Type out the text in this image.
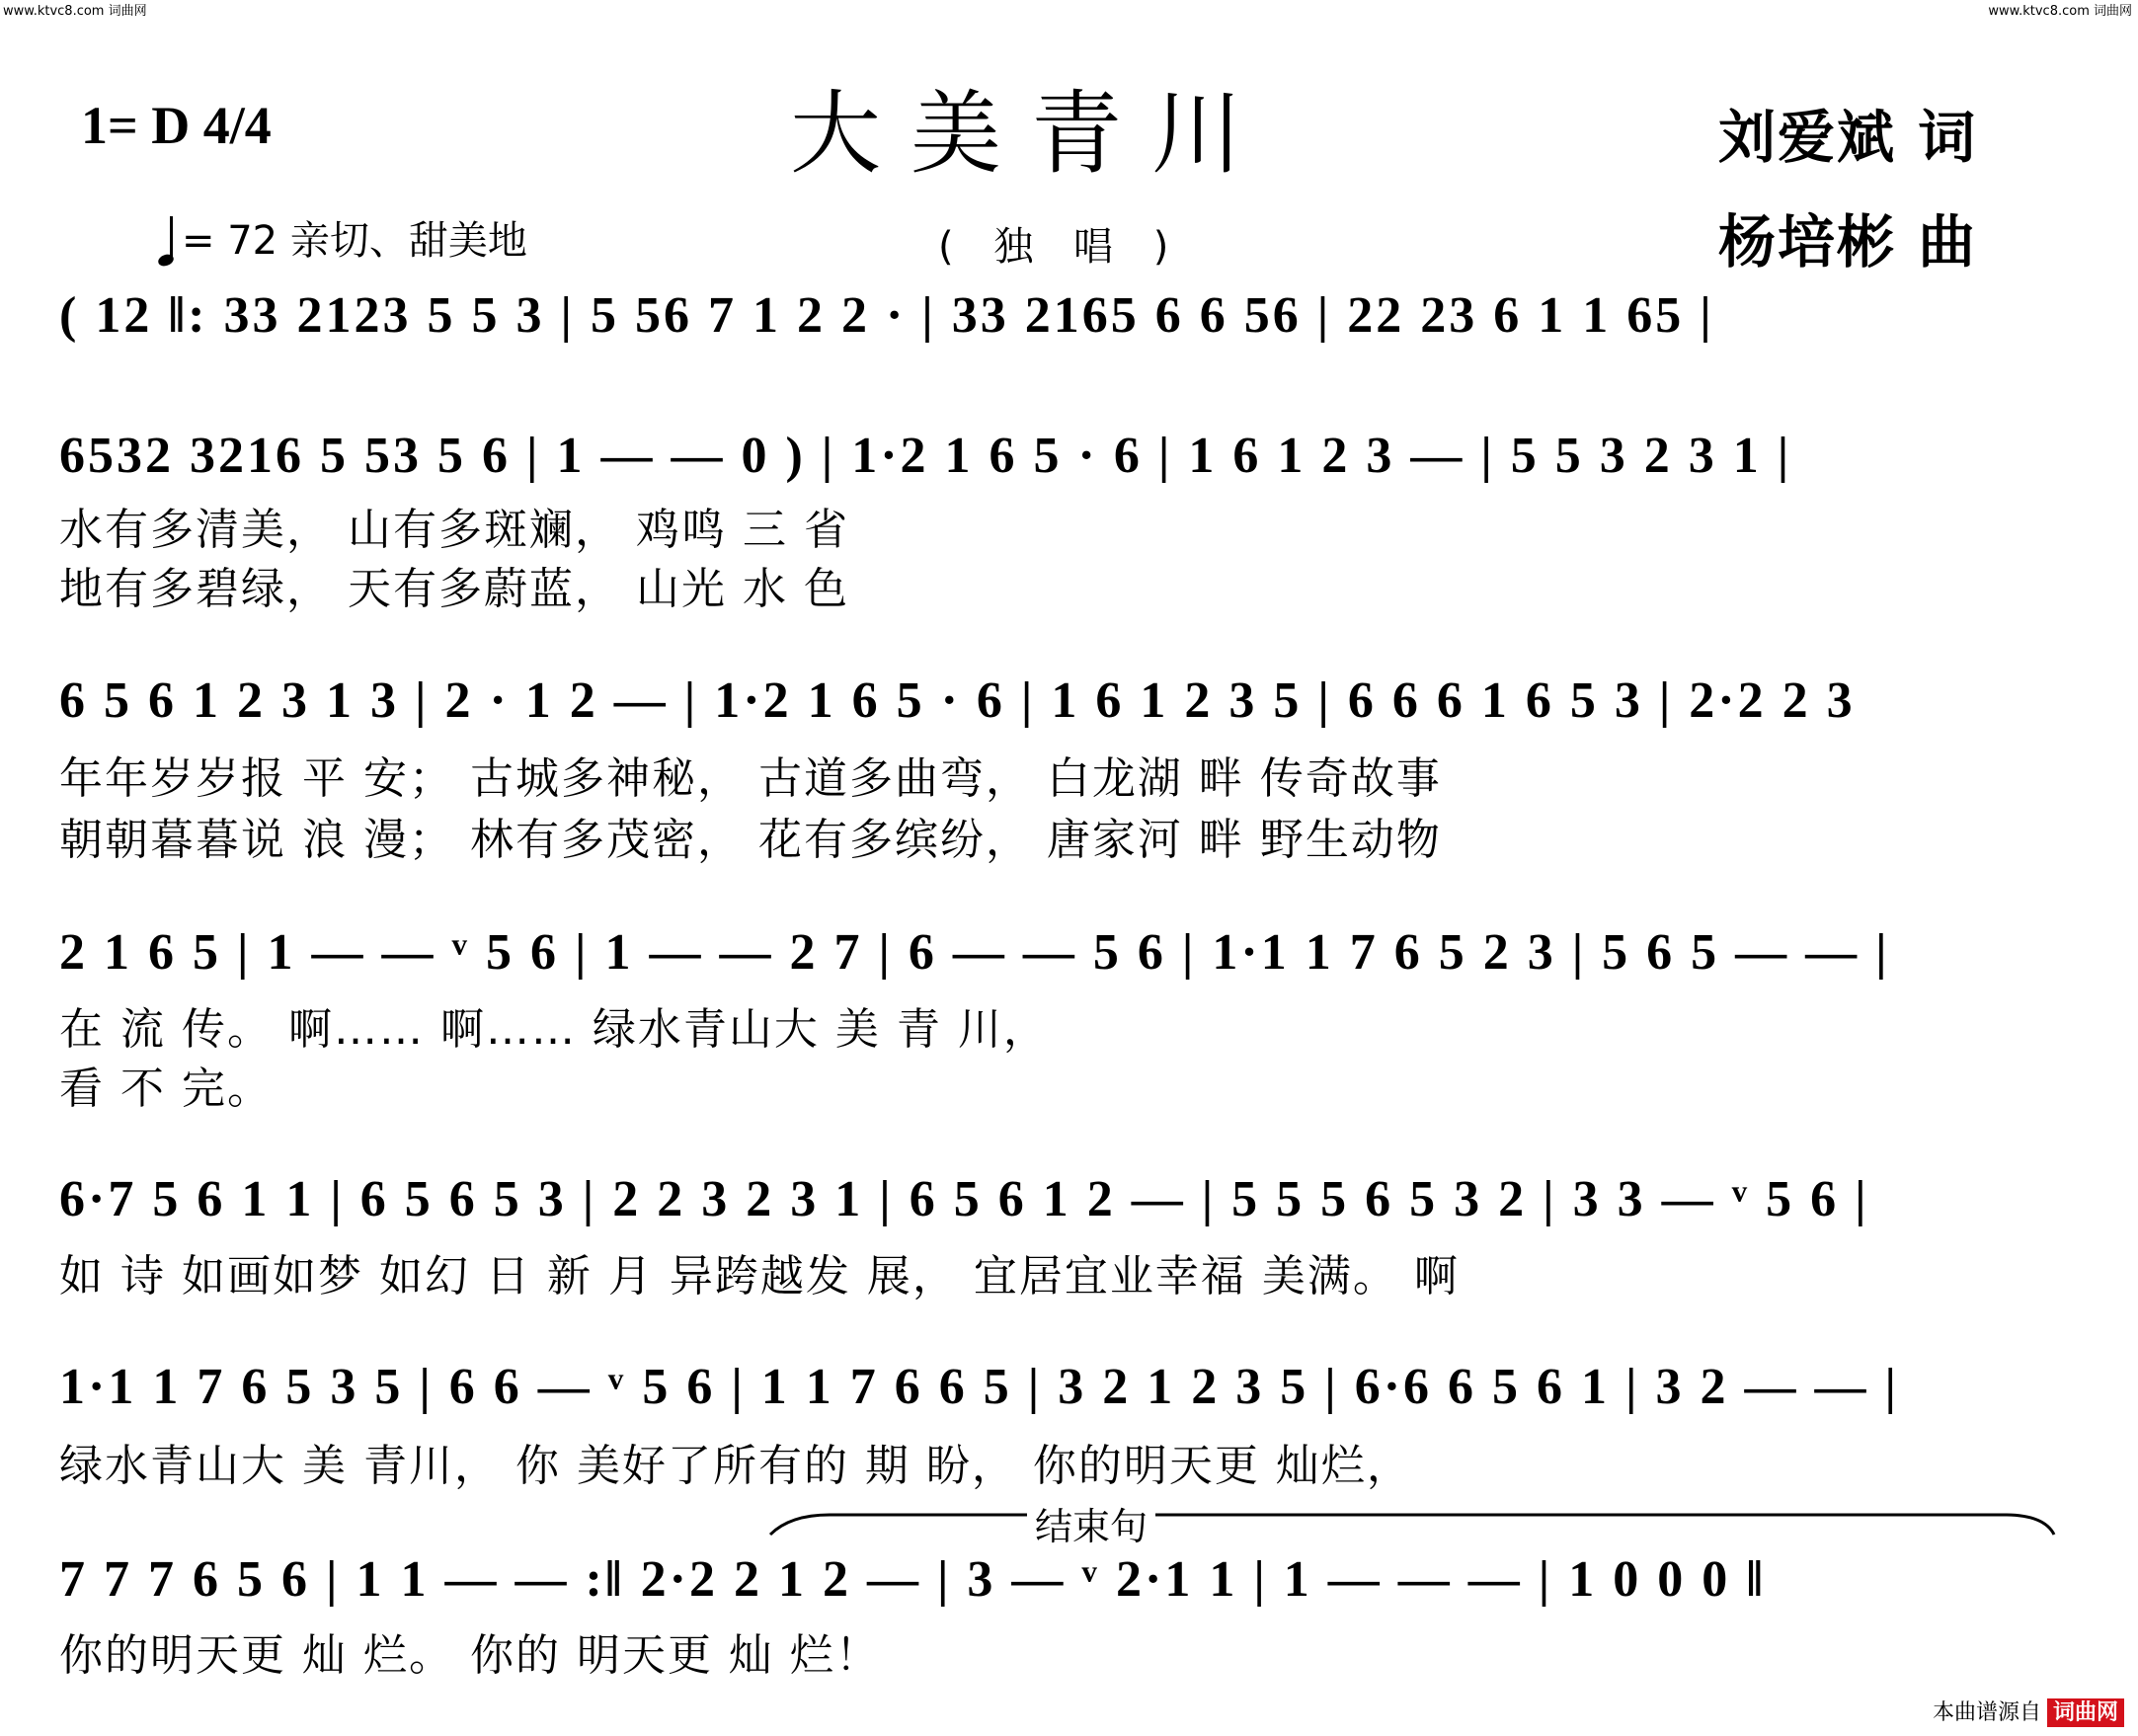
www.ktvc8.com 词曲网	www.ktvc8.com 词曲网
1= D 4/4	大美青川	刘爱斌 词
杨培彬 曲
= 72 亲切、甜美地	( 独 唱 )
( 12 ‖: 33 2123 5 5 3 | 5 56 7 1 2 2 · | 33 2165 6 6 56 | 22 23 6 1 1 65 |
6532 3216 5 53 5 6 | 1 — — 0 ) | 1·2 1 6 5 · 6 | 1 6 1 2 3 — | 5 5 3 2 3 1 |
水有多清美， 山有多斑斓， 鸡鸣 三 省
地有多碧绿， 天有多蔚蓝， 山光 水 色
6 5 6 1 2 3 1 3 | 2 · 1 2 — | 1·2 1 6 5 · 6 | 1 6 1 2 3 5 | 6 6 6 1 6 5 3 | 2·2 2 3
年年岁岁报 平 安； 古城多神秘， 古道多曲弯， 白龙湖 畔 传奇故事
朝朝暮暮说 浪 漫； 林有多茂密， 花有多缤纷， 唐家河 畔 野生动物
2 1 6 5 | 1 — — ᵛ 5 6 | 1 — — 2 7 | 6 — — 5 6 | 1·1 1 7 6 5 2 3 | 5 6 5 — — |
在 流 传。 啊…… 啊…… 绿水青山大 美 青 川，
看 不 完。
6·7 5 6 1 1 | 6 5 6 5 3 | 2 2 3 2 3 1 | 6 5 6 1 2 — | 5 5 5 6 5 3 2 | 3 3 — ᵛ 5 6 |
如 诗 如画如梦 如幻 日 新 月 异跨越发 展， 宜居宜业幸福 美满。 啊
1·1 1 7 6 5 3 5 | 6 6 — ᵛ 5 6 | 1 1 7 6 6 5 | 3 2 1 2 3 5 | 6·6 6 5 6 1 | 3 2 — — |
绿水青山大 美 青川， 你 美好了所有的 期 盼， 你的明天更 灿烂，
结束句
7 7 7 6 5 6 | 1 1 — — :‖ 2·2 2 1 2 — | 3 — ᵛ 2·1 1 | 1 — — — | 1 0 0 0 ‖
你的明天更 灿 烂。 你的 明天更 灿 烂！
本曲谱源自 词曲网
